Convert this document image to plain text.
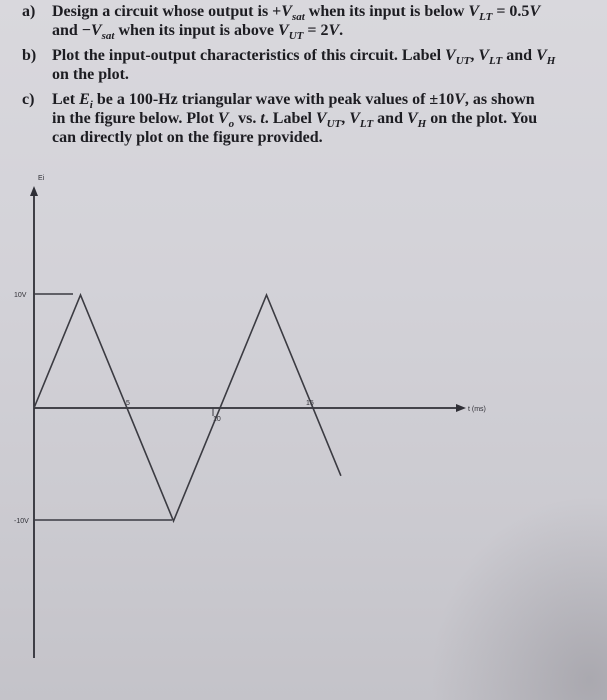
a) Design a circuit whose output is $+V_{sat}$ when its input is below $V_{LT} = 0.5V$
and $-V_{sat}$ when its input is above $V_{UT} = 2V$.
b) Plot the input-output characteristics of this circuit. Label $V_{UT}$, $V_{LT}$ and $V_H$
on the plot.
c) Let $E_i$ be a 100-Hz triangular wave with peak values of ±10V, as shown
in the figure below. Plot $V_o$ vs. t. Label $V_{UT}$, $V_{LT}$ and $V_H$ on the plot. You
can directly plot on the figure provided.
Ei
t (ms)
10V
-10V
5
10
15
